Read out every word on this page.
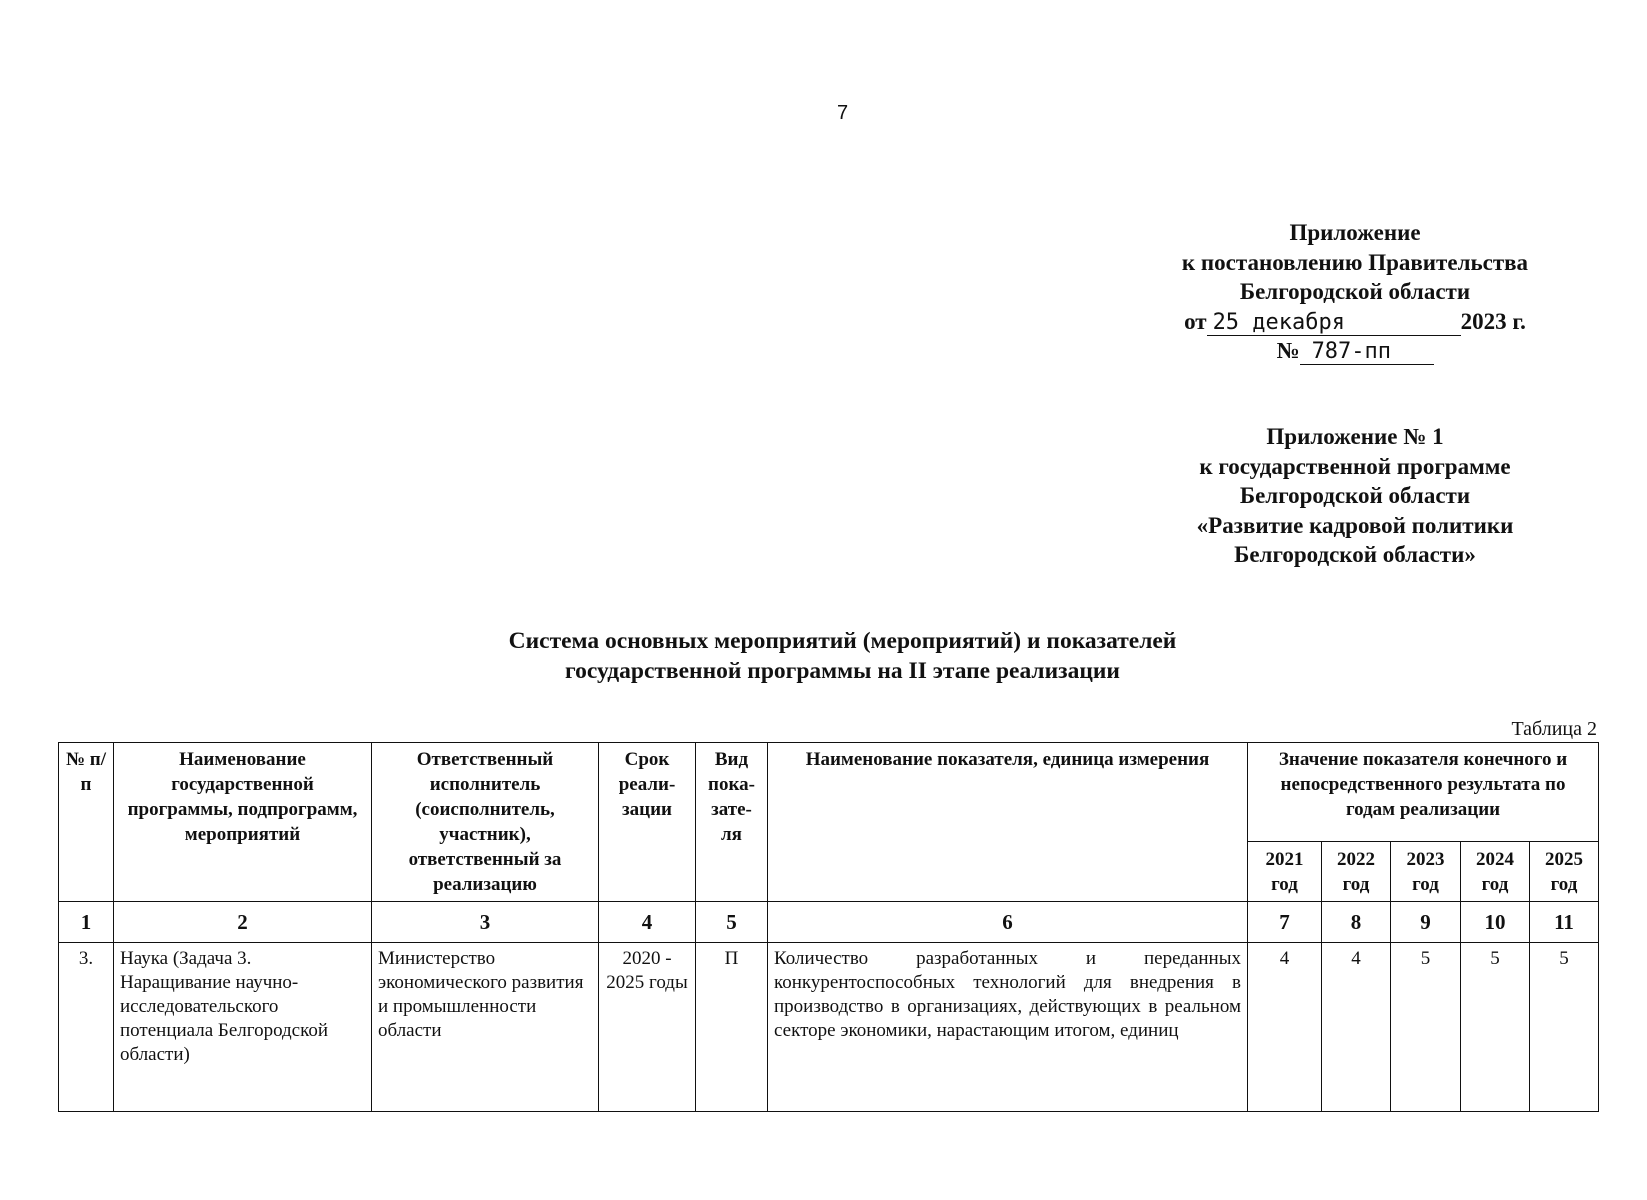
7
Приложение
к постановлению Правительства
Белгородской области
от 25 декабря	2023 г.
№ 787-пп
Приложение № 1
к государственной программе
Белгородской области
«Развитие кадровой политики
Белгородской области»
Система основных мероприятий (мероприятий) и показателей
государственной программы на II этапе реализации
Таблица 2
№ п/п	Наименование государственной программы, подпрограмм, мероприятий	Ответственный исполнитель (соисполнитель, участник), ответственный за реализацию	Срок реали-зации	Вид пока-зате-ля	Наименование показателя, единица измерения	Значение показателя конечного и непосредственного результата по годам реализации				
						2021 год	2022 год	2023 год	2024 год	2025 год
1	2	3	4	5	6	7	8	9	10	11
3.	Наука (Задача 3. Наращивание научно-исследовательского потенциала Белгородской области)	Министерство экономического развития и промышленности области	2020 - 2025 годы	П	Количество разработанных и переданных конкурентоспособных технологий для внедрения в производство в организациях, действующих в реальном секторе экономики, нарастающим итогом, единиц	4	4	5	5	5
